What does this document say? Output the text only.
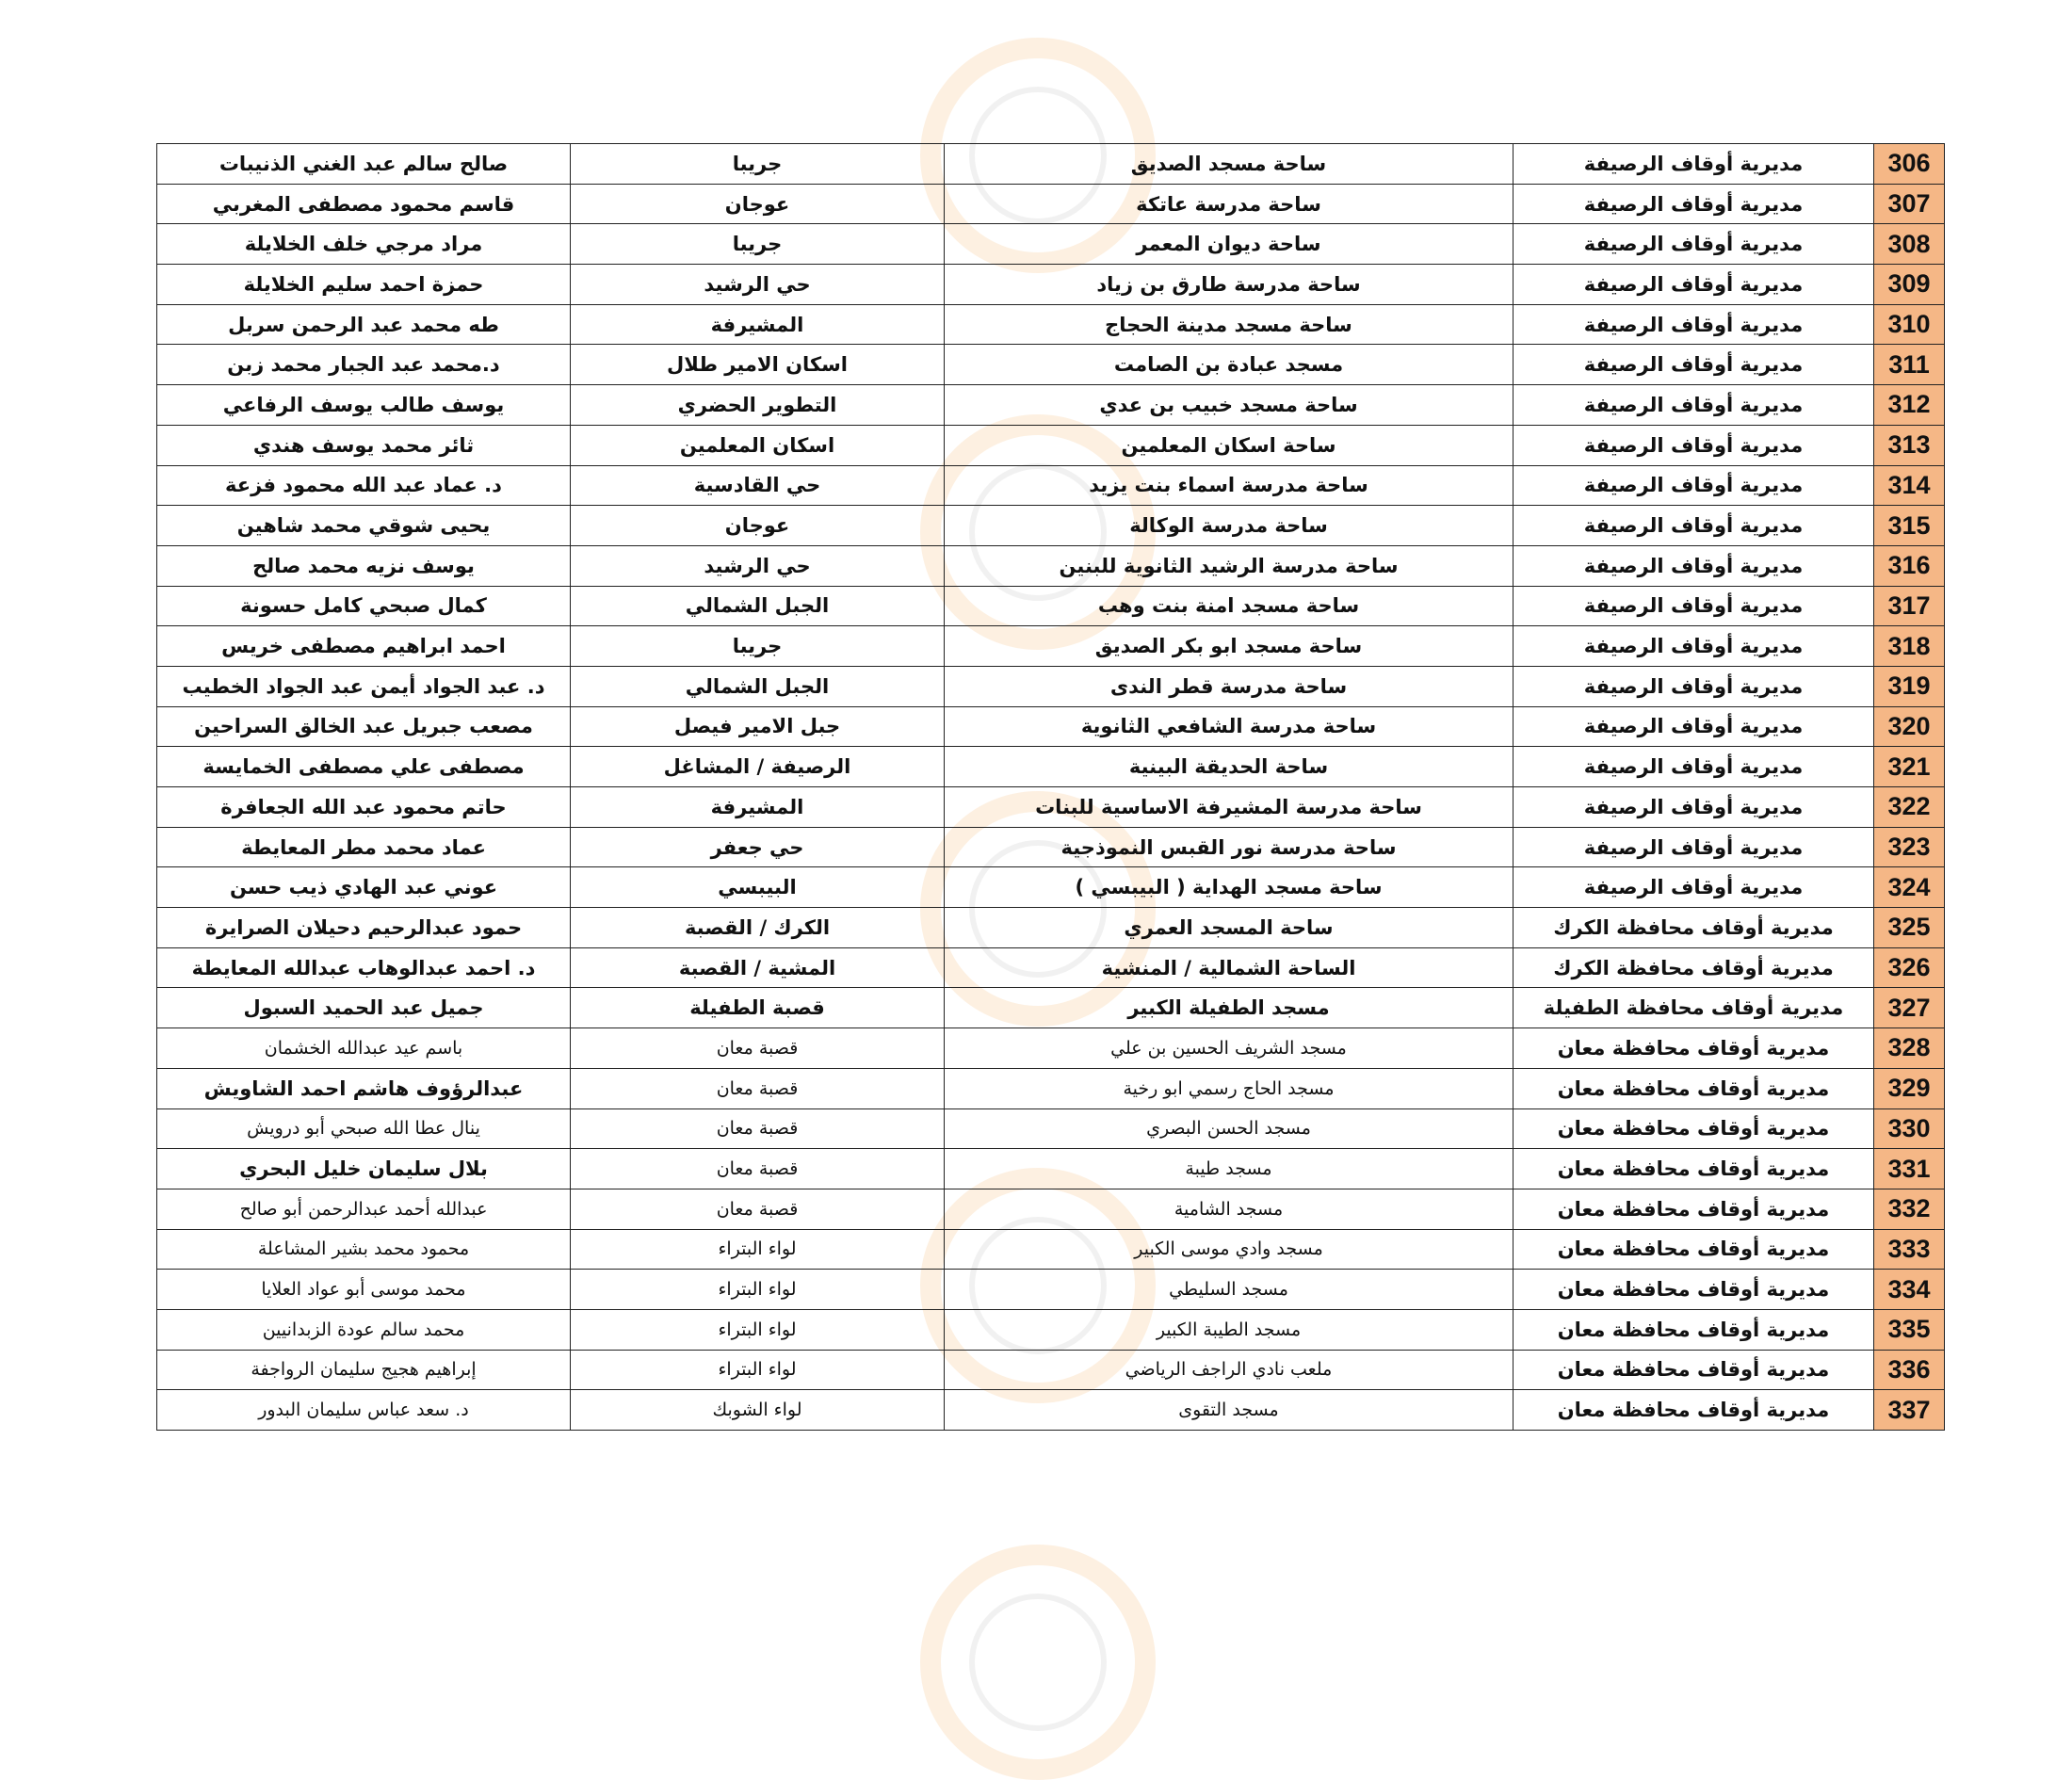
306	مديرية أوقاف الرصيفة	ساحة مسجد الصديق	جريبا	صالح سالم عبد الغني الذنيبات
307	مديرية أوقاف الرصيفة	ساحة مدرسة عاتكة	عوجان	قاسم محمود مصطفى المغربي
308	مديرية أوقاف الرصيفة	ساحة ديوان المعمر	جريبا	مراد مرجي خلف الخلايلة
309	مديرية أوقاف الرصيفة	ساحة مدرسة طارق بن زياد	حي الرشيد	حمزة احمد سليم الخلايلة
310	مديرية أوقاف الرصيفة	ساحة مسجد مدينة الحجاج	المشيرفة	طه محمد عبد الرحمن سربل
311	مديرية أوقاف الرصيفة	مسجد عبادة بن الصامت	اسكان الامير طلال	د.محمد عبد الجبار محمد زبن
312	مديرية أوقاف الرصيفة	ساحة مسجد خبيب بن عدي	التطوير الحضري	يوسف طالب يوسف الرفاعي
313	مديرية أوقاف الرصيفة	ساحة اسكان المعلمين	اسكان المعلمين	ثائر محمد يوسف هندي
314	مديرية أوقاف الرصيفة	ساحة مدرسة اسماء بنت يزيد	حي القادسية	د. عماد عبد الله محمود فزعة
315	مديرية أوقاف الرصيفة	ساحة مدرسة الوكالة	عوجان	يحيى شوقي محمد شاهين
316	مديرية أوقاف الرصيفة	ساحة مدرسة الرشيد الثانوية للبنين	حي الرشيد	يوسف نزيه محمد صالح
317	مديرية أوقاف الرصيفة	ساحة مسجد امنة بنت وهب	الجبل الشمالي	كمال صبحي كامل حسونة
318	مديرية أوقاف الرصيفة	ساحة مسجد ابو بكر الصديق	جريبا	احمد ابراهيم مصطفى خريس
319	مديرية أوقاف الرصيفة	ساحة مدرسة قطر الندى	الجبل الشمالي	د. عبد الجواد أيمن عبد الجواد الخطيب
320	مديرية أوقاف الرصيفة	ساحة مدرسة الشافعي الثانوية	جبل الامير فيصل	مصعب جبريل عبد الخالق السراحين
321	مديرية أوقاف الرصيفة	ساحة الحديقة البينية	الرصيفة / المشاغل	مصطفى علي مصطفى الخمايسة
322	مديرية أوقاف الرصيفة	ساحة مدرسة المشيرفة الاساسية للبنات	المشيرفة	حاتم محمود عبد الله الجعافرة
323	مديرية أوقاف الرصيفة	ساحة مدرسة نور القبس النموذجية	حي جعفر	عماد محمد مطر المعايطة
324	مديرية أوقاف الرصيفة	ساحة مسجد الهداية ( البيبسي )	البيبسي	عوني عبد الهادي ذيب حسن
325	مديرية أوقاف محافظة الكرك	ساحة المسجد العمري	الكرك / القصبة	حمود عبدالرحيم دحيلان الصرايرة
326	مديرية أوقاف محافظة الكرك	الساحة الشمالية / المنشية	المشية / القصبة	د. احمد عبدالوهاب عبدالله المعايطة
327	مديرية أوقاف محافظة الطفيلة	مسجد الطفيلة الكبير	قصبة الطفيلة	جميل عبد الحميد السبول
328	مديرية أوقاف محافظة معان	مسجد الشريف الحسين بن علي	قصبة معان	باسم عيد عبدالله الخشمان
329	مديرية أوقاف محافظة معان	مسجد الحاج رسمي ابو رخية	قصبة معان	عبدالرؤوف هاشم احمد الشاويش
330	مديرية أوقاف محافظة معان	مسجد الحسن البصري	قصبة معان	ينال عطا الله صبحي أبو درويش
331	مديرية أوقاف محافظة معان	مسجد طيبة	قصبة معان	بلال سليمان خليل البحري
332	مديرية أوقاف محافظة معان	مسجد الشامية	قصبة معان	عبدالله أحمد عبدالرحمن أبو صالح
333	مديرية أوقاف محافظة معان	مسجد وادي موسى الكبير	لواء البتراء	محمود محمد بشير المشاعلة
334	مديرية أوقاف محافظة معان	مسجد السليطي	لواء البتراء	محمد موسى أبو عواد العلايا
335	مديرية أوقاف محافظة معان	مسجد الطيبة الكبير	لواء البتراء	محمد سالم عودة الزبدانيين
336	مديرية أوقاف محافظة معان	ملعب نادي الراجف الرياضي	لواء البتراء	إبراهيم هجيج سليمان الرواجفة
337	مديرية أوقاف محافظة معان	مسجد التقوى	لواء الشوبك	د. سعد عباس سليمان البدور
